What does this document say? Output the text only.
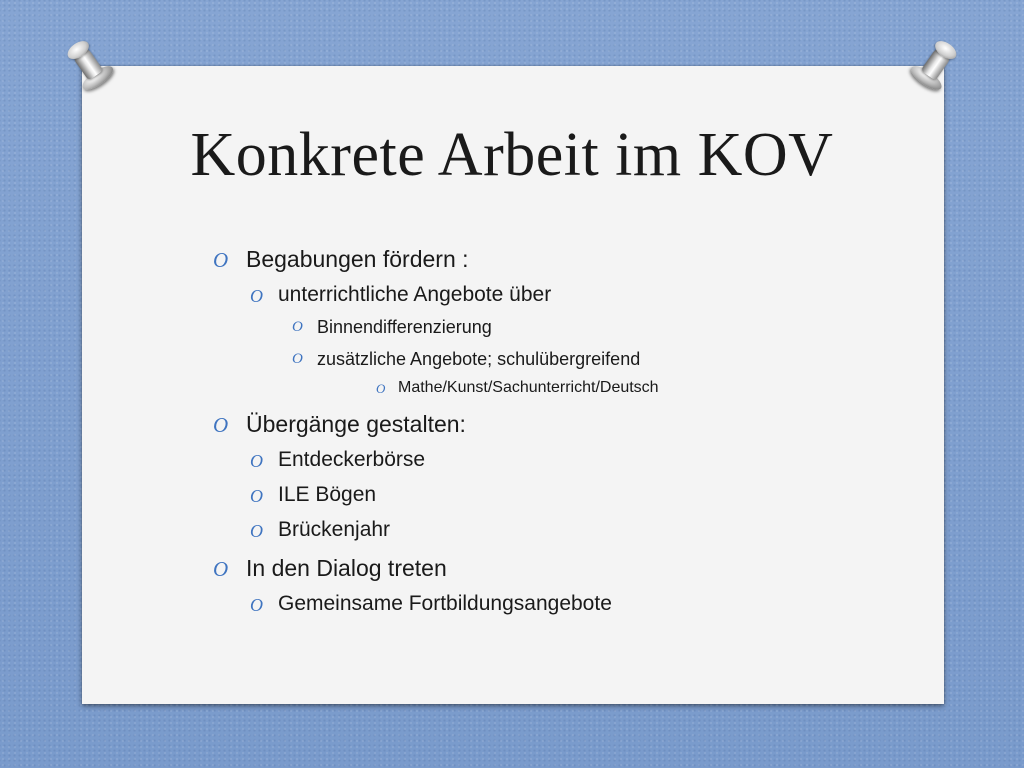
Konkrete Arbeit im KOV
O Begabungen fördern :
O unterrichtliche Angebote über
O Binnendifferenzierung
O zusätzliche Angebote; schulübergreifend
O Mathe/Kunst/Sachunterricht/Deutsch
O Übergänge gestalten:
O Entdeckerbörse
O ILE Bögen
O Brückenjahr
O In den Dialog treten
O Gemeinsame Fortbildungsangebote
